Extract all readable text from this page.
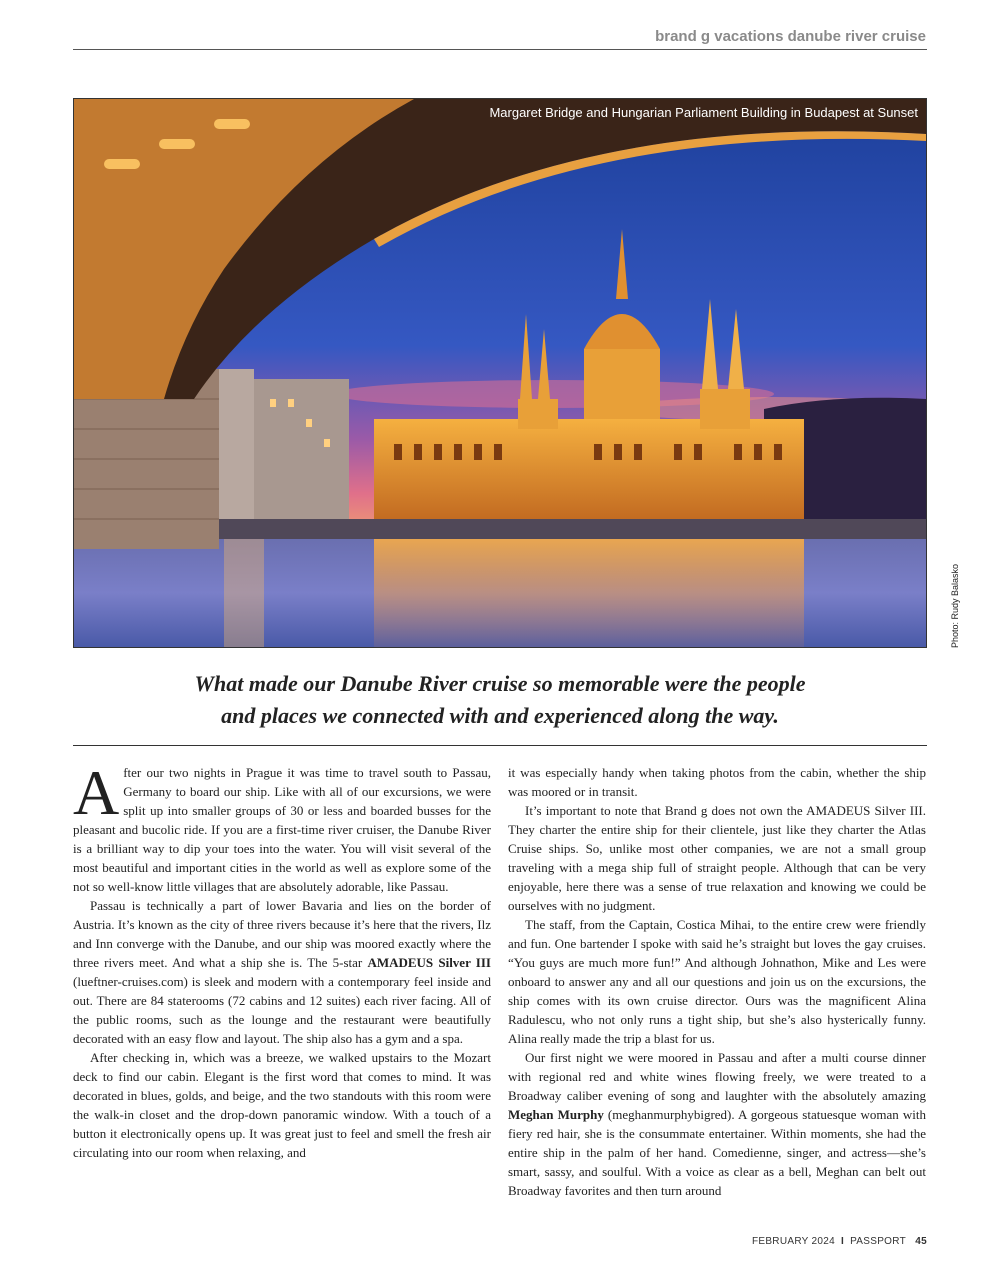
brand g vacations danube river cruise
Margaret Bridge and Hungarian Parliament Building in Budapest at Sunset
Photo: Rudy Balasko
What made our Danube River cruise so memorable were the people
and places we connected with and experienced along the way.

After our two nights in Prague it was time to travel south to Passau, Germany to board our ship. Like with all of our excursions, we were split up into smaller groups of 30 or less and boarded busses for the pleasant and bucolic ride. If you are a first-time river cruiser, the Danube River is a brilliant way to dip your toes into the water. You will visit several of the most beautiful and important cities in the world as well as explore some of the not so well-know little villages that are absolutely adorable, like Passau.

Passau is technically a part of lower Bavaria and lies on the border of Austria. It’s known as the city of three rivers because it’s here that the rivers, Ilz and Inn converge with the Danube, and our ship was moored exactly where the three rivers meet. And what a ship she is. The 5-star AMADEUS Silver III (lueftner-cruises.com) is sleek and modern with a contemporary feel inside and out. There are 84 staterooms (72 cabins and 12 suites) each river facing. All of the public rooms, such as the lounge and the restaurant were beautifully decorated with an easy flow and layout. The ship also has a gym and a spa.

After checking in, which was a breeze, we walked upstairs to the Mozart deck to find our cabin. Elegant is the first word that comes to mind. It was decorated in blues, golds, and beige, and the two standouts with this room were the walk-in closet and the drop-down panoramic window. With a touch of a button it electronically opens up. It was great just to feel and smell the fresh air circulating into our room when relaxing, and

it was especially handy when taking photos from the cabin, whether the ship was moored or in transit.

It’s important to note that Brand g does not own the AMADEUS Silver III. They charter the entire ship for their clientele, just like they charter the Atlas Cruise ships. So, unlike most other companies, we are not a small group traveling with a mega ship full of straight people. Although that can be very enjoyable, here there was a sense of true relaxation and knowing we could be ourselves with no judgment.

The staff, from the Captain, Costica Mihai, to the entire crew were friendly and fun. One bartender I spoke with said he’s straight but loves the gay cruises. “You guys are much more fun!” And although Johnathon, Mike and Les were onboard to answer any and all our questions and join us on the excursions, the ship comes with its own cruise director. Ours was the magnificent Alina Radulescu, who not only runs a tight ship, but she’s also hysterically funny. Alina really made the trip a blast for us.

Our first night we were moored in Passau and after a multi course dinner with regional red and white wines flowing freely, we were treated to a Broadway caliber evening of song and laughter with the absolutely amazing Meghan Murphy (meghanmurphybigred). A gorgeous statuesque woman with fiery red hair, she is the consummate entertainer. Within moments, she had the entire ship in the palm of her hand. Comedienne, singer, and actress—she’s smart, sassy, and soulful. With a voice as clear as a bell, Meghan can belt out Broadway favorites and then turn around

FEBRUARY 2024 I PASSPORT 45
